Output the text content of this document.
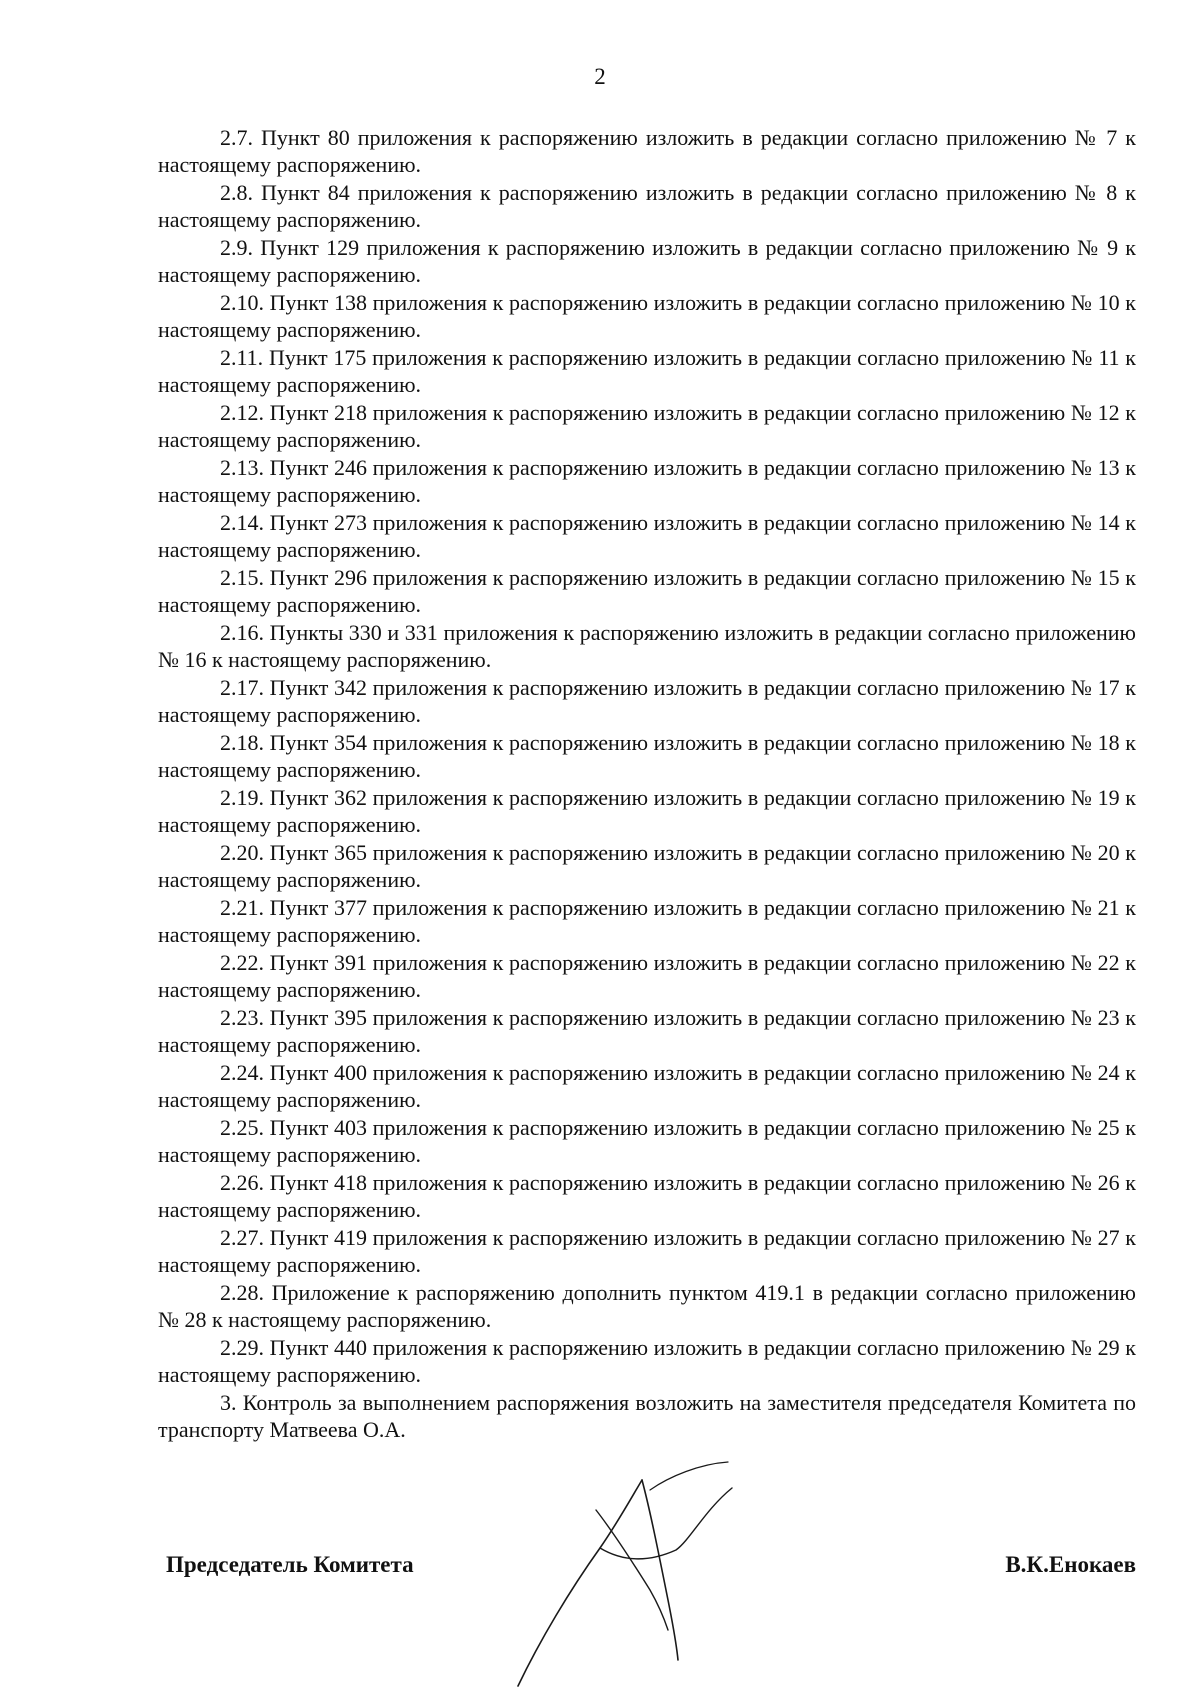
2

2.7. Пункт 80 приложения к распоряжению изложить в редакции согласно приложению № 7 к настоящему распоряжению.

2.8. Пункт 84 приложения к распоряжению изложить в редакции согласно приложению № 8 к настоящему распоряжению.

2.9. Пункт 129 приложения к распоряжению изложить в редакции согласно приложению № 9 к настоящему распоряжению.

2.10. Пункт 138 приложения к распоряжению изложить в редакции согласно приложению № 10 к настоящему распоряжению.

2.11. Пункт 175 приложения к распоряжению изложить в редакции согласно приложению № 11 к настоящему распоряжению.

2.12. Пункт 218 приложения к распоряжению изложить в редакции согласно приложению № 12 к настоящему распоряжению.

2.13. Пункт 246 приложения к распоряжению изложить в редакции согласно приложению № 13 к настоящему распоряжению.

2.14. Пункт 273 приложения к распоряжению изложить в редакции согласно приложению № 14 к настоящему распоряжению.

2.15. Пункт 296 приложения к распоряжению изложить в редакции согласно приложению № 15 к настоящему распоряжению.

2.16. Пункты 330 и 331 приложения к распоряжению изложить в редакции согласно приложению № 16 к настоящему распоряжению.

2.17. Пункт 342 приложения к распоряжению изложить в редакции согласно приложению № 17 к настоящему распоряжению.

2.18. Пункт 354 приложения к распоряжению изложить в редакции согласно приложению № 18 к настоящему распоряжению.

2.19. Пункт 362 приложения к распоряжению изложить в редакции согласно приложению № 19 к настоящему распоряжению.

2.20. Пункт 365 приложения к распоряжению изложить в редакции согласно приложению № 20 к настоящему распоряжению.

2.21. Пункт 377 приложения к распоряжению изложить в редакции согласно приложению № 21 к настоящему распоряжению.

2.22. Пункт 391 приложения к распоряжению изложить в редакции согласно приложению № 22 к настоящему распоряжению.

2.23. Пункт 395 приложения к распоряжению изложить в редакции согласно приложению № 23 к настоящему распоряжению.

2.24. Пункт 400 приложения к распоряжению изложить в редакции согласно приложению № 24 к настоящему распоряжению.

2.25. Пункт 403 приложения к распоряжению изложить в редакции согласно приложению № 25 к настоящему распоряжению.

2.26. Пункт 418 приложения к распоряжению изложить в редакции согласно приложению № 26 к настоящему распоряжению.

2.27. Пункт 419 приложения к распоряжению изложить в редакции согласно приложению № 27 к настоящему распоряжению.

2.28. Приложение к распоряжению дополнить пунктом 419.1 в редакции согласно приложению № 28 к настоящему распоряжению.

2.29. Пункт 440 приложения к распоряжению изложить в редакции согласно приложению № 29 к настоящему распоряжению.

3. Контроль за выполнением распоряжения возложить на заместителя председателя Комитета по транспорту Матвеева О.А.

Председатель Комитета	В.К.Енокаев
